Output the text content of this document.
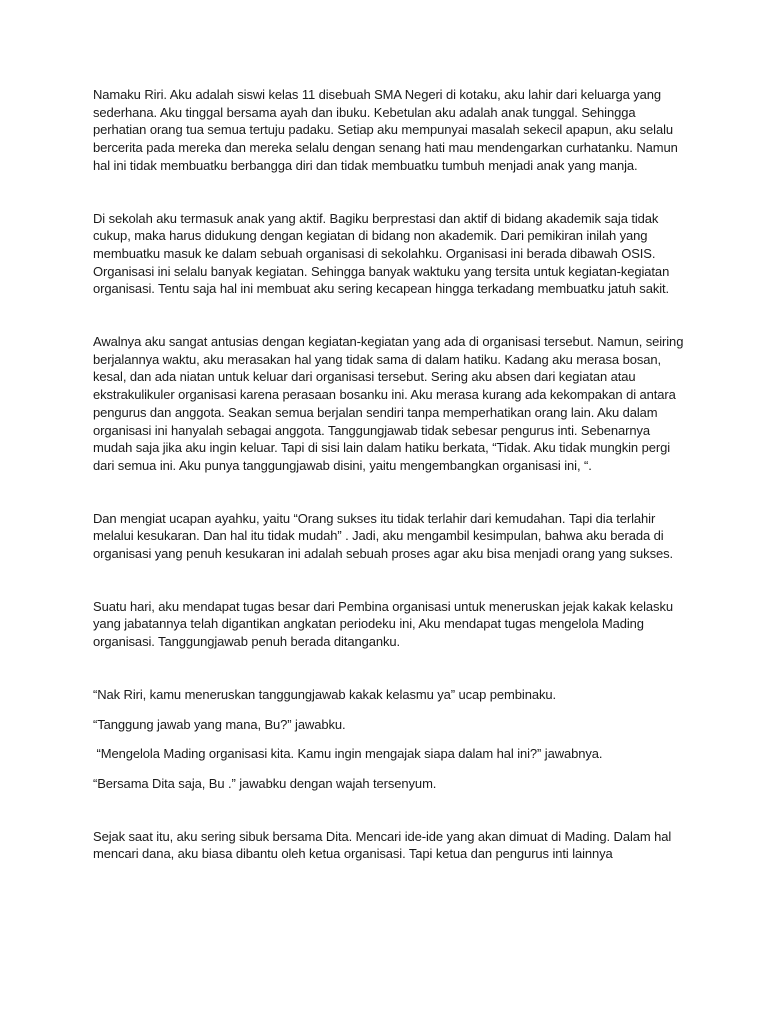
Namaku Riri. Aku adalah siswi kelas 11 disebuah SMA Negeri di kotaku, aku lahir dari keluarga yang sederhana. Aku tinggal bersama ayah dan ibuku. Kebetulan aku adalah anak tunggal. Sehingga perhatian orang tua semua tertuju padaku. Setiap aku mempunyai masalah sekecil apapun, aku selalu bercerita pada mereka dan mereka selalu dengan senang hati mau mendengarkan curhatanku. Namun hal ini tidak membuatku berbangga diri dan tidak membuatku tumbuh menjadi anak yang manja.

Di sekolah aku termasuk anak yang aktif. Bagiku berprestasi dan aktif di bidang akademik saja tidak cukup, maka harus didukung dengan kegiatan di bidang non akademik. Dari pemikiran inilah yang membuatku masuk ke dalam sebuah organisasi di sekolahku. Organisasi ini berada dibawah OSIS. Organisasi ini selalu banyak kegiatan. Sehingga banyak waktuku yang tersita untuk kegiatan-kegiatan organisasi. Tentu saja hal ini membuat aku sering kecapean hingga terkadang membuatku jatuh sakit.

Awalnya aku sangat antusias dengan kegiatan-kegiatan yang ada di organisasi tersebut. Namun, seiring berjalannya waktu, aku merasakan hal yang tidak sama di dalam hatiku. Kadang aku merasa bosan, kesal, dan ada niatan untuk keluar dari organisasi tersebut. Sering aku absen dari kegiatan atau ekstrakulikuler organisasi karena perasaan bosanku ini. Aku merasa kurang ada kekompakan di antara pengurus dan anggota. Seakan semua berjalan sendiri tanpa memperhatikan orang lain. Aku dalam organisasi ini hanyalah sebagai anggota. Tanggungjawab tidak sebesar pengurus inti. Sebenarnya mudah saja jika aku ingin keluar. Tapi di sisi lain dalam hatiku berkata, “Tidak. Aku tidak mungkin pergi dari semua ini. Aku punya tanggungjawab disini, yaitu mengembangkan organisasi ini, “.

Dan mengiat ucapan ayahku, yaitu “Orang sukses itu tidak terlahir dari kemudahan. Tapi dia terlahir melalui kesukaran. Dan hal itu tidak mudah” . Jadi, aku mengambil kesimpulan, bahwa aku berada di organisasi yang penuh kesukaran ini adalah sebuah proses agar aku bisa menjadi orang yang sukses.

Suatu hari, aku mendapat tugas besar dari Pembina organisasi untuk meneruskan jejak kakak kelasku yang jabatannya telah digantikan angkatan periodeku ini, Aku mendapat tugas mengelola Mading organisasi. Tanggungjawab penuh berada ditanganku.

“Nak Riri, kamu meneruskan tanggungjawab kakak kelasmu ya” ucap pembinaku.

“Tanggung jawab yang mana, Bu?” jawabku.

“Mengelola Mading organisasi kita. Kamu ingin mengajak siapa dalam hal ini?” jawabnya.

“Bersama Dita saja, Bu .” jawabku dengan wajah tersenyum.

Sejak saat itu, aku sering sibuk bersama Dita. Mencari ide-ide yang akan dimuat di Mading. Dalam hal mencari dana, aku biasa dibantu oleh ketua organisasi. Tapi ketua dan pengurus inti lainnya
